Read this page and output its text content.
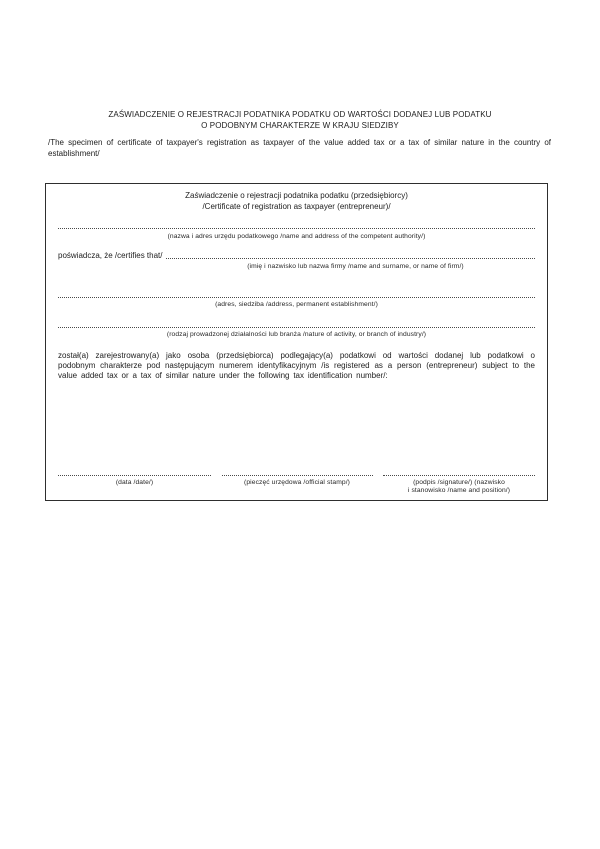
ZAŚWIADCZENIE O REJESTRACJI PODATNIKA PODATKU OD WARTOŚCI DODANEJ LUB PODATKU
O PODOBNYM CHARAKTERZE W KRAJU SIEDZIBY
/The specimen of certificate of taxpayer's registration as taxpayer of the value added tax or a tax of similar nature in the country of establishment/
Zaświadczenie o rejestracji podatnika podatku (przedsiębiorcy)
/Certificate of registration as taxpayer (entrepreneur)/
(nazwa i adres urzędu podatkowego /name and address of the competent authority/)
poświadcza, że /certifies that/
(imię i nazwisko lub nazwa firmy /name and surname, or name of firm/)
(adres, siedziba /address, permanent establishment/)
(rodzaj prowadzonej działalności lub branża /nature of activity, or branch of industry/)
został(a) zarejestrowany(a) jako osoba (przedsiębiorca) podlegający(a) podatkowi od wartości dodanej lub podatkowi o podobnym charakterze pod następującym numerem identyfikacyjnym /is registered as a person (entrepreneur) subject to the value added tax or a tax of similar nature under the following tax identification number/:
(data /date/)	(pieczęć urzędowa /official stamp/)	(podpis /signature/) (nazwisko
i stanowisko /name and position/)
